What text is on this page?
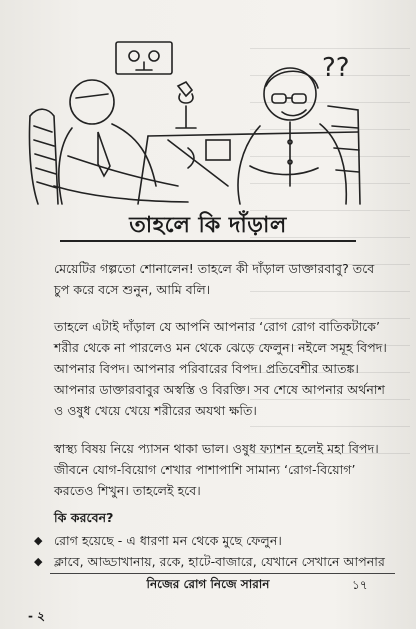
??
তাহলে কি দাঁড়াল

মেয়েটির গল্পতো শোনালেন! তাহলে কী দাঁড়াল ডাক্তারবাবু? তবে চুপ করে বসে শুনুন, আমি বলি।

তাহলে এটাই দাঁড়াল যে আপনি আপনার ‘রোগ রোগ বাতিকটাকে’ শরীর থেকে না পারলেও মন থেকে ঝেড়ে ফেলুন। নইলে সমূহ বিপদ। আপনার বিপদ। আপনার পরিবারের বিপদ। প্রতিবেশীর আতঙ্ক। আপনার ডাক্তারবাবুর অস্বস্তি ও বিরক্তি। সব শেষে আপনার অর্থনাশ ও ওষুধ খেয়ে খেয়ে শরীরের অযথা ক্ষতি।

স্বাস্থ্য বিষয় নিয়ে প্যাসন থাকা ভাল। ওষুধ ফ্যাশন হলেই মহা বিপদ। জীবনে যোগ-বিয়োগ শেখার পাশাপাশি সামান্য ‘রোগ-বিয়োগ’ করতেও শিখুন। তাহলেই হবে।

কি করবেন?
◆ রোগ হয়েছে - এ ধারণা মন থেকে মুছে ফেলুন।
◆ ক্লাবে, আড্ডাখানায়, রকে, হাটে-বাজারে, যেখানে সেখানে আপনার
নিজের রোগ নিজে সারান	১৭
- ২
